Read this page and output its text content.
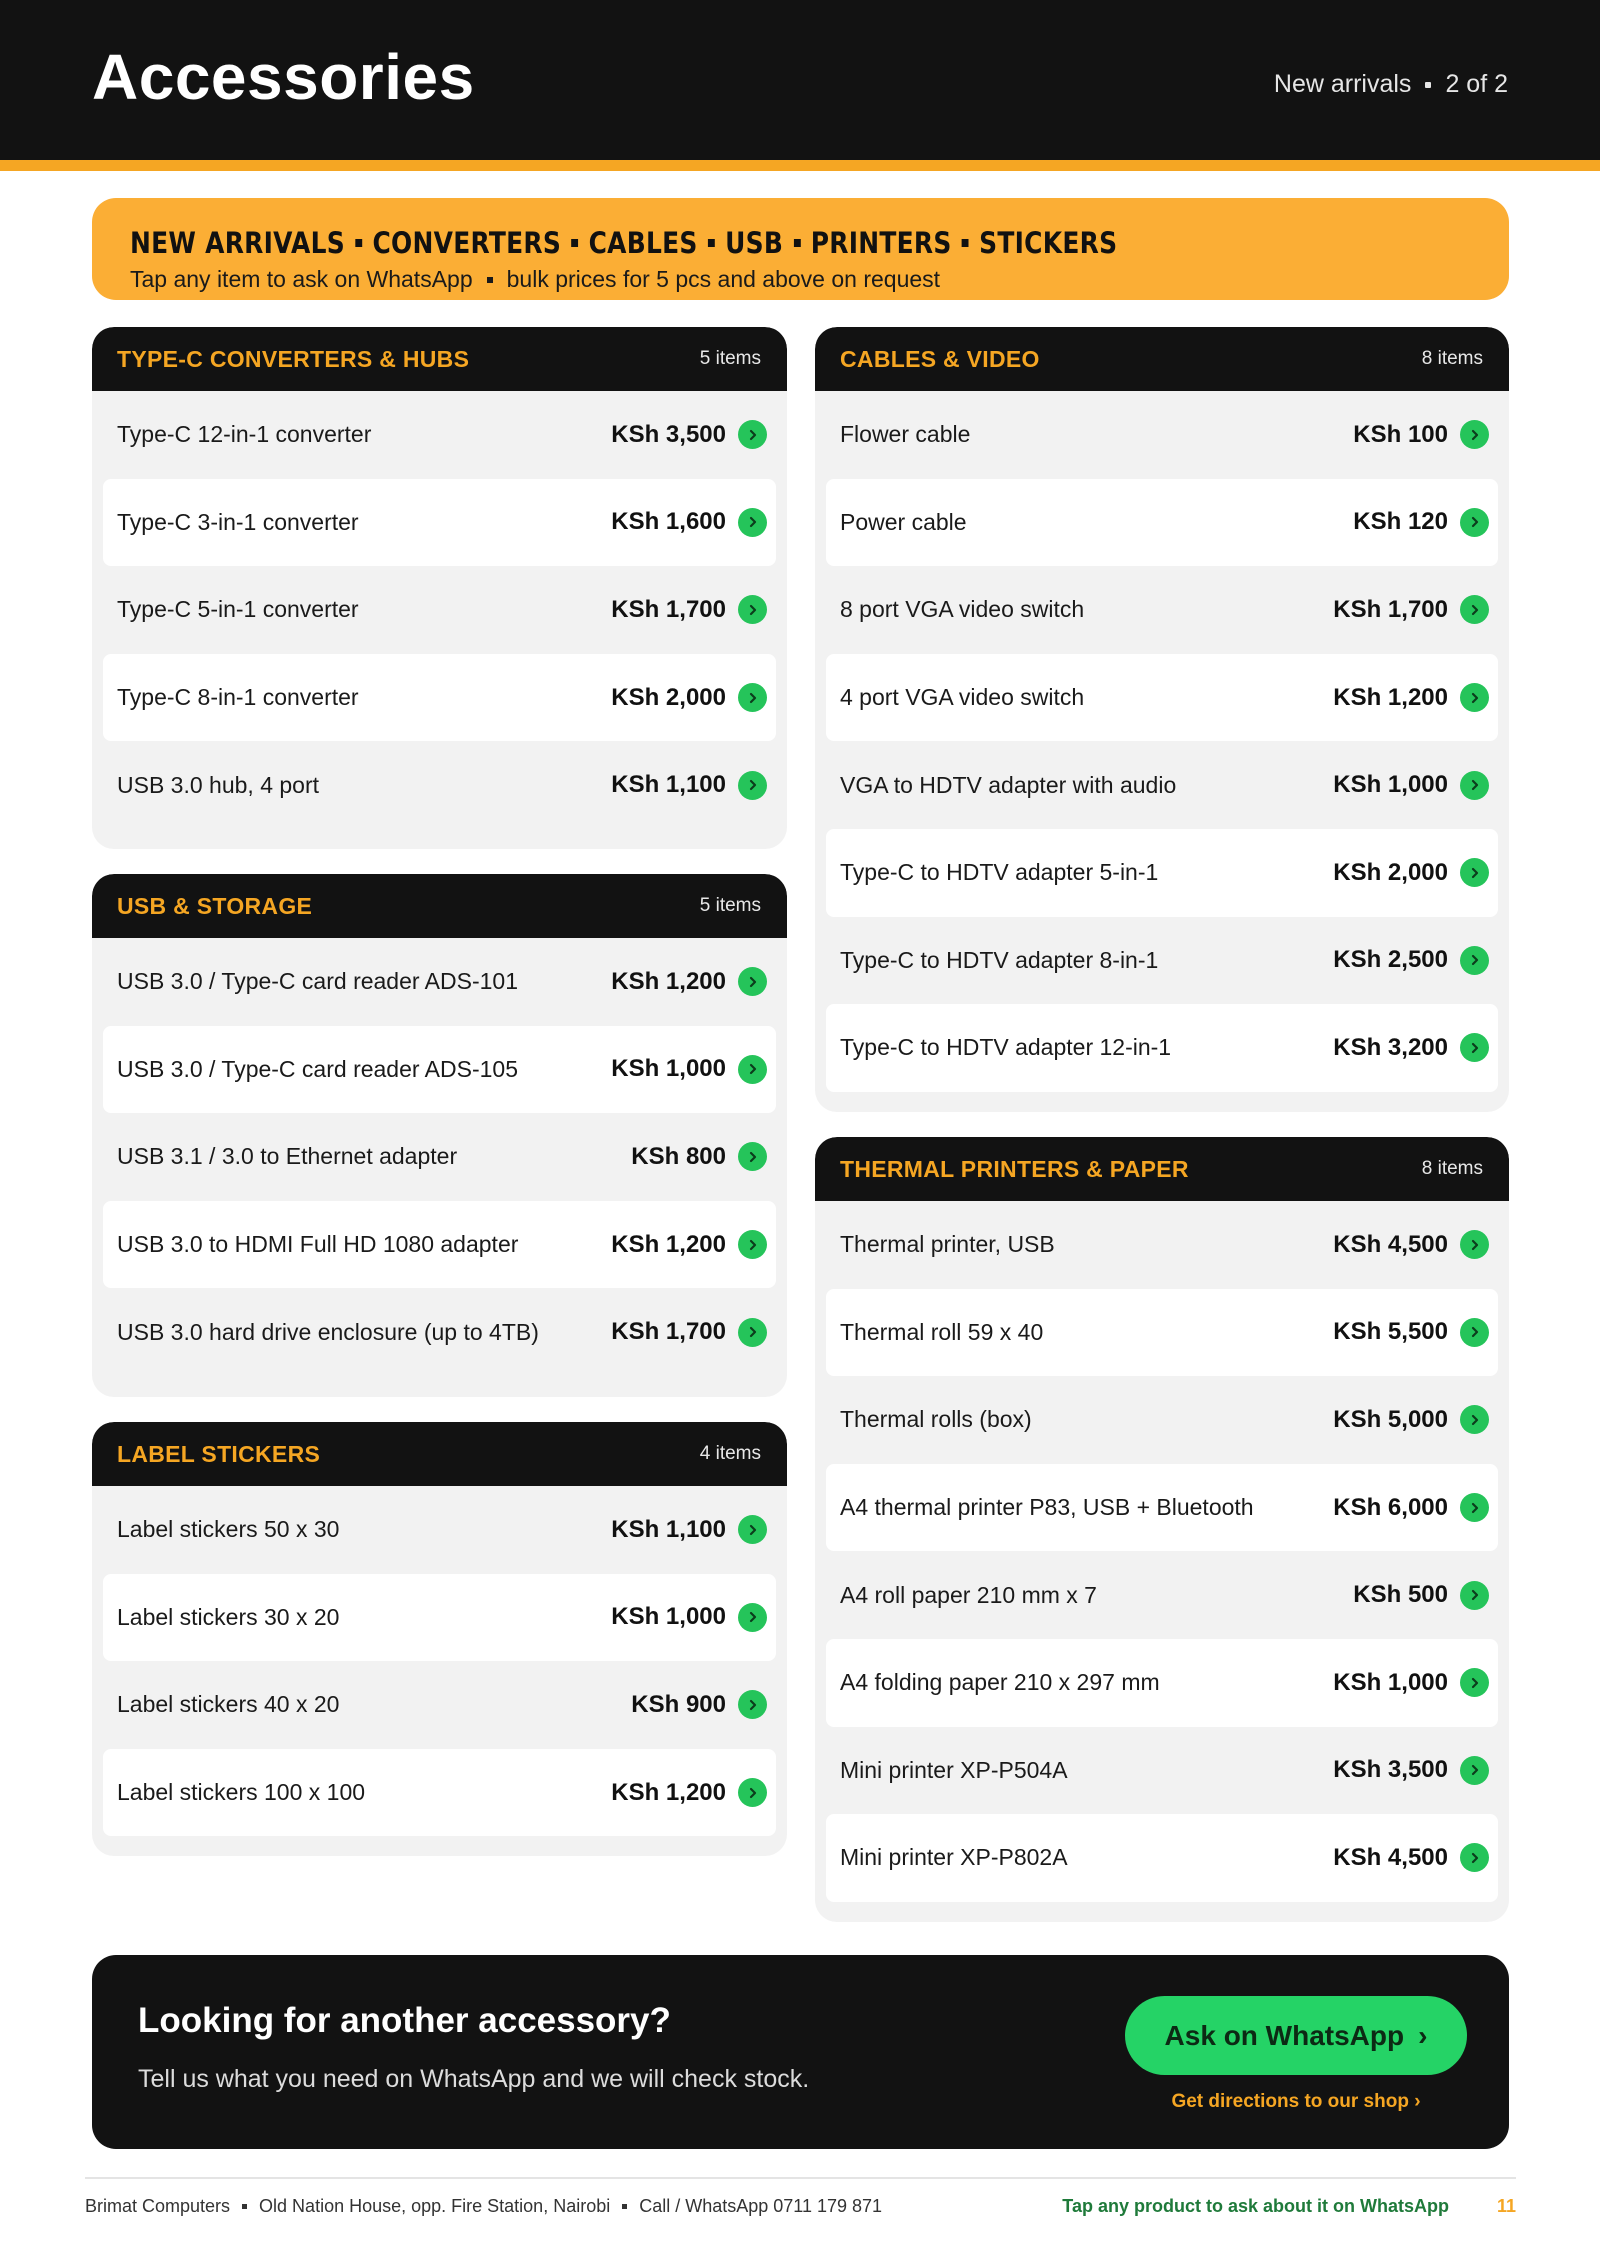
Accessories	New arrivals 2 of 2
NEW ARRIVALS CONVERTERS CABLES USB PRINTERS STICKERS
Tap any item to ask on WhatsApp bulk prices for 5 pcs and above on request
TYPE-C CONVERTERS & HUBS	5 items
Type-C 12-in-1 converter	KSh 3,500
Type-C 3-in-1 converter	KSh 1,600
Type-C 5-in-1 converter	KSh 1,700
Type-C 8-in-1 converter	KSh 2,000
USB 3.0 hub, 4 port	KSh 1,100
USB & STORAGE	5 items
USB 3.0 / Type-C card reader ADS-101	KSh 1,200
USB 3.0 / Type-C card reader ADS-105	KSh 1,000
USB 3.1 / 3.0 to Ethernet adapter	KSh 800
USB 3.0 to HDMI Full HD 1080 adapter	KSh 1,200
USB 3.0 hard drive enclosure (up to 4TB)	KSh 1,700
LABEL STICKERS	4 items
Label stickers 50 x 30	KSh 1,100
Label stickers 30 x 20	KSh 1,000
Label stickers 40 x 20	KSh 900
Label stickers 100 x 100	KSh 1,200
CABLES & VIDEO	8 items
Flower cable	KSh 100
Power cable	KSh 120
8 port VGA video switch	KSh 1,700
4 port VGA video switch	KSh 1,200
VGA to HDTV adapter with audio	KSh 1,000
Type-C to HDTV adapter 5-in-1	KSh 2,000
Type-C to HDTV adapter 8-in-1	KSh 2,500
Type-C to HDTV adapter 12-in-1	KSh 3,200
THERMAL PRINTERS & PAPER	8 items
Thermal printer, USB	KSh 4,500
Thermal roll 59 x 40	KSh 5,500
Thermal rolls (box)	KSh 5,000
A4 thermal printer P83, USB + Bluetooth	KSh 6,000
A4 roll paper 210 mm x 7	KSh 500
A4 folding paper 210 x 297 mm	KSh 1,000
Mini printer XP-P504A	KSh 3,500
Mini printer XP-P802A	KSh 4,500
Looking for another accessory?
Tell us what you need on WhatsApp and we will check stock.
Ask on WhatsApp ›
Get directions to our shop ›
Brimat Computers Old Nation House, opp. Fire Station, Nairobi Call / WhatsApp 0711 179 871	Tap any product to ask about it on WhatsApp	11
